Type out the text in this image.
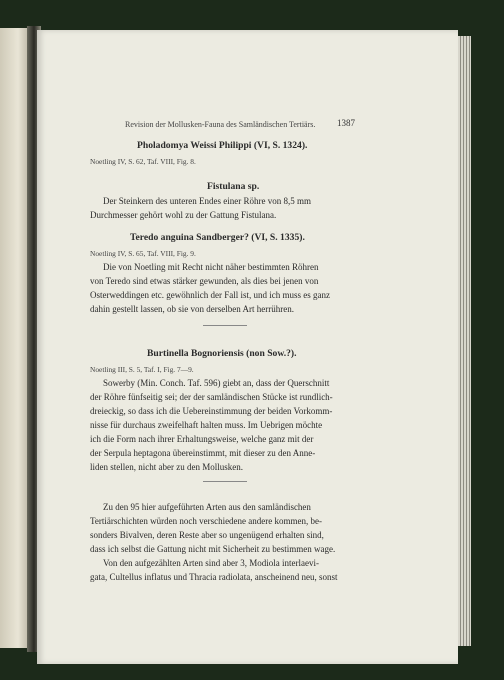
Revision der Mollusken-Fauna des Samländischen Tertiärs. 1387
Pholadomya Weissi Philippi (VI, S. 1324).
Noetling IV, S. 62, Taf. VIII, Fig. 8.
Fistulana sp.
Der Steinkern des unteren Endes einer Röhre von 8,5 mm
Durchmesser gehört wohl zu der Gattung Fistulana.
Teredo anguina Sandberger? (VI, S. 1335).
Noetling IV, S. 65, Taf. VIII, Fig. 9.
Die von Noetling mit Recht nicht näher bestimmten Röhren
von Teredo sind etwas stärker gewunden, als dies bei jenen von
Osterweddingen etc. gewöhnlich der Fall ist, und ich muss es ganz
dahin gestellt lassen, ob sie von derselben Art herrühren.
Burtinella Bognoriensis (non Sow.?).
Noetling III, S. 5, Taf. I, Fig. 7—9.
Sowerby (Min. Conch. Taf. 596) giebt an, dass der Querschnitt
der Röhre fünfseitig sei; der der samländischen Stücke ist rundlich-
dreieckig, so dass ich die Uebereinstimmung der beiden Vorkomm-
nisse für durchaus zweifelhaft halten muss. Im Uebrigen möchte
ich die Form nach ihrer Erhaltungsweise, welche ganz mit der
der Serpula heptagona übereinstimmt, mit dieser zu den Anne-
liden stellen, nicht aber zu den Mollusken.
Zu den 95 hier aufgeführten Arten aus den samländischen
Tertiärschichten würden noch verschiedene andere kommen, be-
sonders Bivalven, deren Reste aber so ungenügend erhalten sind,
dass ich selbst die Gattung nicht mit Sicherheit zu bestimmen wage.
Von den aufgezählten Arten sind aber 3, Modiola interlaevi-
gata, Cultellus inflatus und Thracia radiolata, anscheinend neu, sonst
